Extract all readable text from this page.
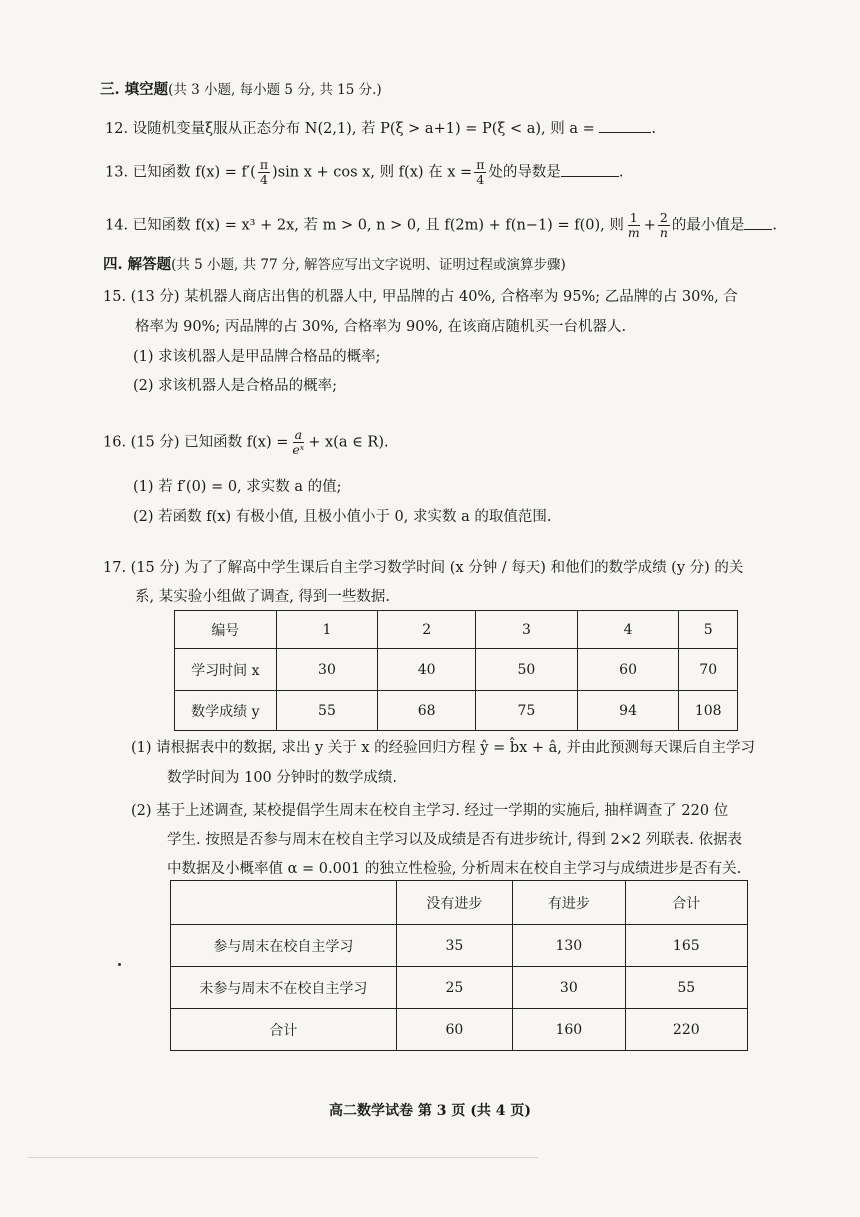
三. 填空题(共 3 小题, 每小题 5 分, 共 15 分.)
12. 设随机变量ξ服从正态分布 N(2,1), 若 P(ξ > a+1) = P(ξ < a), 则 a =	.
13. 已知函数 $f(x) = f'( \frac{\pi}{4} )\sin$ x + cos x, 则 f(x) 在 $x = \frac{\pi}{4}$ 处的导数是	.
14. 已知函数 f(x) = x³ + 2x, 若 m > 0, n > 0, 且 f(2m) + f(n−1) = f(0), 则 $\frac{1}{m} + \frac{2}{n}$ 的最小值是 .
四. 解答题(共 5 小题, 共 77 分, 解答应写出文字说明、证明过程或演算步骤)
15. (13 分) 某机器人商店出售的机器人中, 甲品牌的占 40%, 合格率为 95%; 乙品牌的占 30%, 合
格率为 90%; 丙品牌的占 30%, 合格率为 90%, 在该商店随机买一台机器人.
(1) 求该机器人是甲品牌合格品的概率;
(2) 求该机器人是合格品的概率;
16. (15 分) 已知函数 $f(x) = \frac{a}{\text{eˣ}} + x(a$ ∈ R).
(1) 若 f′(0) = 0, 求实数 a 的值;
(2) 若函数 f(x) 有极小值, 且极小值小于 0, 求实数 a 的取值范围.
17. (15 分) 为了了解高中学生课后自主学习数学时间 (x 分钟 / 每天) 和他们的数学成绩 (y 分) 的关
系, 某实验小组做了调查, 得到一些数据.
编号	1	2	3	4	5
学习时间 x	30	40	50	60	70
数学成绩 y	55	68	75	94	108
(1) 请根据表中的数据, 求出 y 关于 x 的经验回归方程 ŷ = b̂x + â, 并由此预测每天课后自主学习
数学时间为 100 分钟时的数学成绩.
(2) 基于上述调查, 某校提倡学生周末在校自主学习. 经过一学期的实施后, 抽样调查了 220 位
学生. 按照是否参与周末在校自主学习以及成绩是否有进步统计, 得到 2×2 列联表. 依据表
中数据及小概率值 α = 0.001 的独立性检验, 分析周末在校自主学习与成绩进步是否有关.
	没有进步	有进步	合计
参与周末在校自主学习	35	130	165
未参与周末不在校自主学习	25	30	55
合计	60	160	220
高二数学试卷 第 3 页 (共 4 页)
